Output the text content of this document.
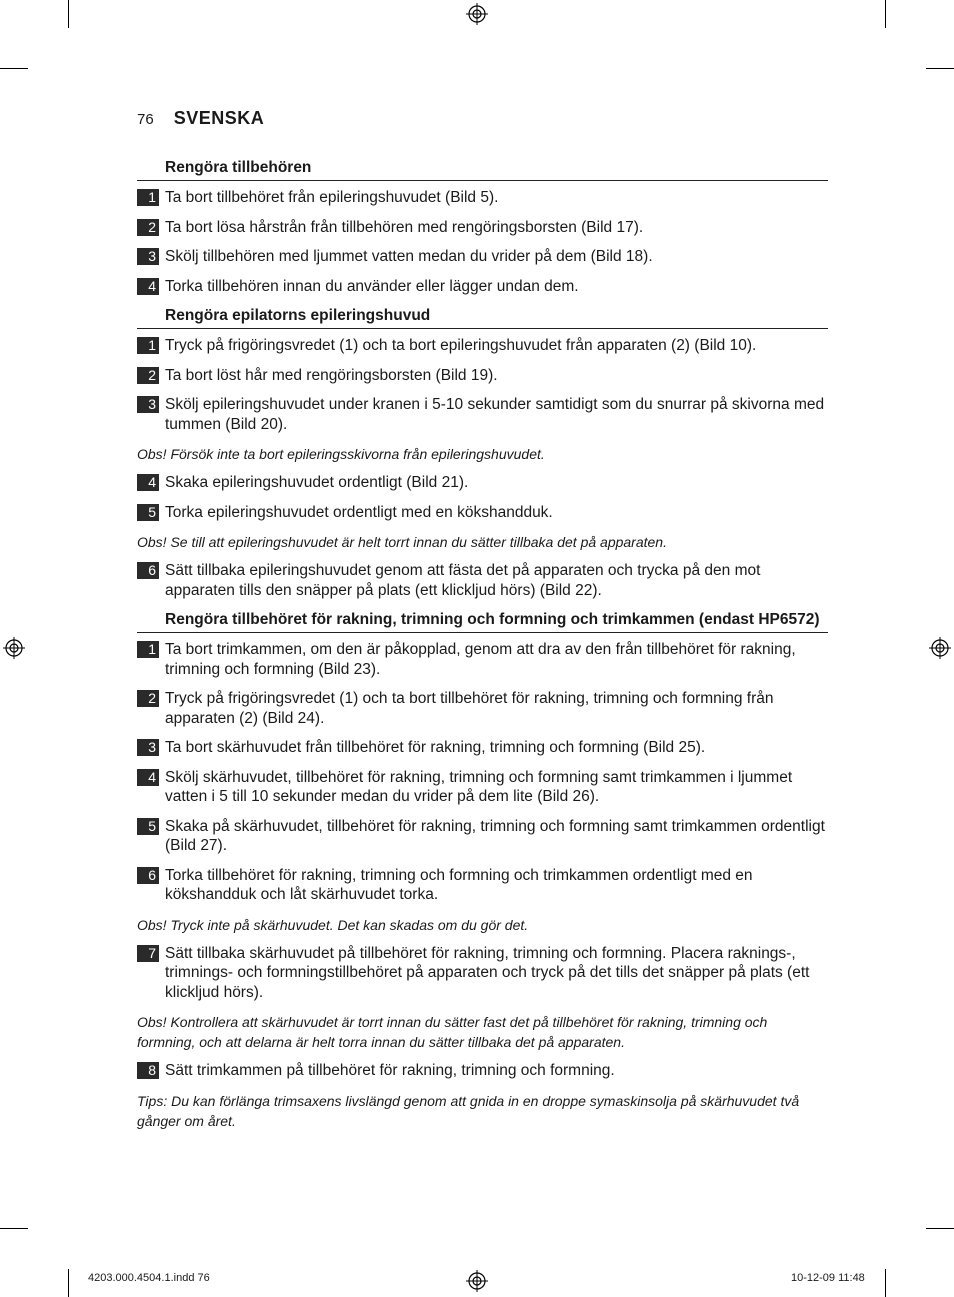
76 SVENSKA
Rengöra tillbehören
1 Ta bort tillbehöret från epileringshuvudet (Bild 5).
2 Ta bort lösa hårstrån från tillbehören med rengöringsborsten (Bild 17).
3 Skölj tillbehören med ljummet vatten medan du vrider på dem (Bild 18).
4 Torka tillbehören innan du använder eller lägger undan dem.
Rengöra epilatorns epileringshuvud
1 Tryck på frigöringsvredet (1) och ta bort epileringshuvudet från apparaten (2) (Bild 10).
2 Ta bort löst hår med rengöringsborsten (Bild 19).
3 Skölj epileringshuvudet under kranen i 5-10 sekunder samtidigt som du snurrar på skivorna med tummen (Bild 20).
Obs! Försök inte ta bort epileringsskivorna från epileringshuvudet.
4 Skaka epileringshuvudet ordentligt (Bild 21).
5 Torka epileringshuvudet ordentligt med en kökshandduk.
Obs! Se till att epileringshuvudet är helt torrt innan du sätter tillbaka det på apparaten.
6 Sätt tillbaka epileringshuvudet genom att fästa det på apparaten och trycka på den mot apparaten tills den snäpper på plats (ett klickljud hörs) (Bild 22).
Rengöra tillbehöret för rakning, trimning och formning och trimkammen (endast HP6572)
1 Ta bort trimkammen, om den är påkopplad, genom att dra av den från tillbehöret för rakning, trimning och formning (Bild 23).
2 Tryck på frigöringsvredet (1) och ta bort tillbehöret för rakning, trimning och formning från apparaten (2) (Bild 24).
3 Ta bort skärhuvudet från tillbehöret för rakning, trimning och formning (Bild 25).
4 Skölj skärhuvudet, tillbehöret för rakning, trimning och formning samt trimkammen i ljummet vatten i 5 till 10 sekunder medan du vrider på dem lite (Bild 26).
5 Skaka på skärhuvudet, tillbehöret för rakning, trimning och formning samt trimkammen ordentligt (Bild 27).
6 Torka tillbehöret för rakning, trimning och formning och trimkammen ordentligt med en kökshandduk och låt skärhuvudet torka.
Obs! Tryck inte på skärhuvudet. Det kan skadas om du gör det.
7 Sätt tillbaka skärhuvudet på tillbehöret för rakning, trimning och formning. Placera raknings-, trimnings- och formningstillbehöret på apparaten och tryck på det tills det snäpper på plats (ett klickljud hörs).
Obs! Kontrollera att skärhuvudet är torrt innan du sätter fast det på tillbehöret för rakning, trimning och formning, och att delarna är helt torra innan du sätter tillbaka det på apparaten.
8 Sätt trimkammen på tillbehöret för rakning, trimning och formning.
Tips: Du kan förlänga trimsaxens livslängd genom att gnida in en droppe symaskinsolja på skärhuvudet två gånger om året.
4203.000.4504.1.indd 76	10-12-09 11:48
